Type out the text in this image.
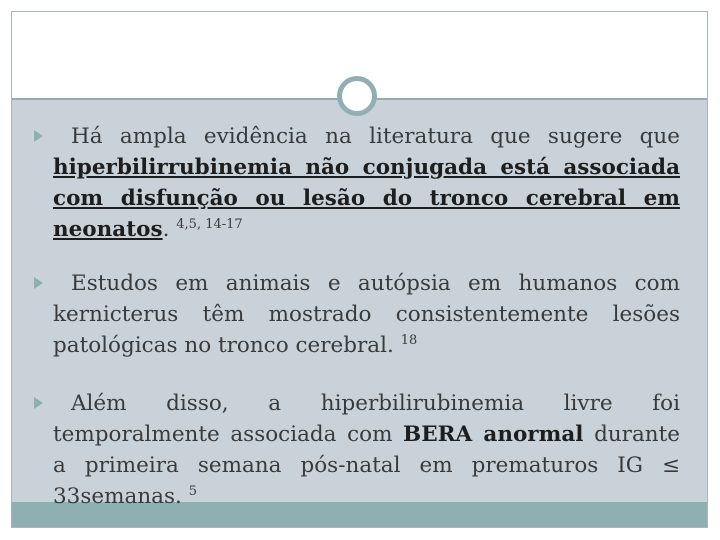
Há ampla evidência na literatura que sugere que hiperbilirrubinemia não conjugada está associada com disfunção ou lesão do tronco cerebral em neonatos. $^{4,5, 14-17}$
Estudos em animais e autópsia em humanos com kernicterus têm mostrado consistentemente lesões patológicas no tronco cerebral. $^{18}$
Além disso, a hiperbilirubinemia livre foi temporalmente associada com BERA anormal durante a primeira semana pós-natal em prematuros IG ≤ 33semanas. $^5$
